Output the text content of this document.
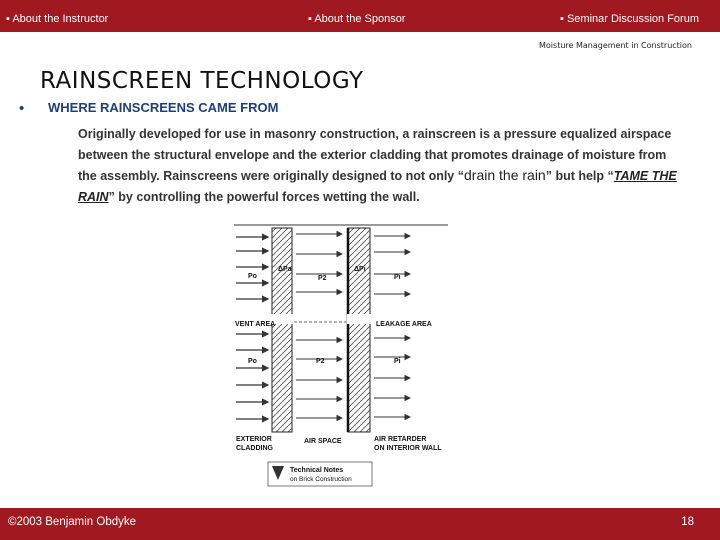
▪ About the Instructor	▪ About the Sponsor	▪ Seminar Discussion Forum
Moisture Management in Construction
RAINSCREEN TECHNOLOGY
• WHERE RAINSCREENS CAME FROM
Originally developed for use in masonry construction, a rainscreen is a pressure equalized airspace between the structural envelope and the exterior cladding that promotes drainage of moisture from the assembly. Rainscreens were originally designed to not only “drain the rain” but help “TAME THE RAIN” by controlling the powerful forces wetting the wall.
Po
ΔPa
P2
ΔPi
Pi
VENT AREA	LEAKAGE AREA
Po	P2	Pi
EXTERIOR
CLADDING
AIR SPACE	AIR RETARDER
ON INTERIOR WALL
Technical Notes
on Brick Construction
©2003 Benjamin Obdyke	18
